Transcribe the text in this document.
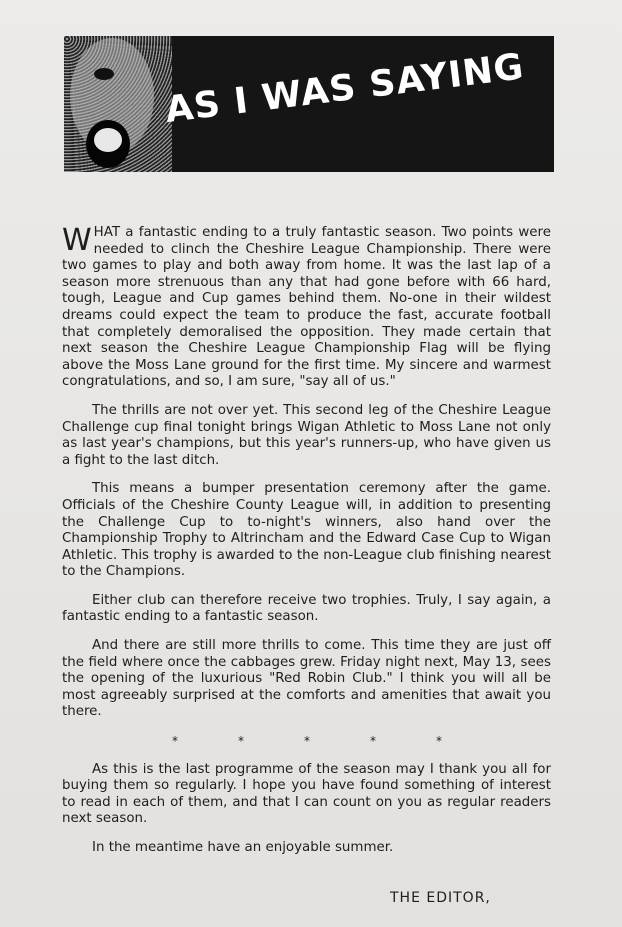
AS I WAS SAYING

WHAT a fantastic ending to a truly fantastic season. Two points were needed to clinch the Cheshire League Championship. There were two games to play and both away from home. It was the last lap of a season more strenuous than any that had gone before with 66 hard, tough, League and Cup games behind them. No-one in their wildest dreams could expect the team to produce the fast, accurate football that completely demoralised the opposition. They made certain that next season the Cheshire League Championship Flag will be flying above the Moss Lane ground for the first time. My sincere and warmest congratulations, and so, I am sure, "say all of us."

The thrills are not over yet. This second leg of the Cheshire League Challenge cup final tonight brings Wigan Athletic to Moss Lane not only as last year's champions, but this year's runners-up, who have given us a fight to the last ditch.

This means a bumper presentation ceremony after the game. Officials of the Cheshire County League will, in addition to presenting the Challenge Cup to to-night's winners, also hand over the Championship Trophy to Altrincham and the Edward Case Cup to Wigan Athletic. This trophy is awarded to the non-League club finishing nearest to the Champions.

Either club can therefore receive two trophies. Truly, I say again, a fantastic ending to a fantastic season.

And there are still more thrills to come. This time they are just off the field where once the cabbages grew. Friday night next, May 13, sees the opening of the luxurious "Red Robin Club." I think you will all be most agreeably surprised at the comforts and amenities that await you there.

*	*	*	*	*

As this is the last programme of the season may I thank you all for buying them so regularly. I hope you have found something of interest to read in each of them, and that I can count on you as regular readers next season.

In the meantime have an enjoyable summer.

THE EDITOR,
